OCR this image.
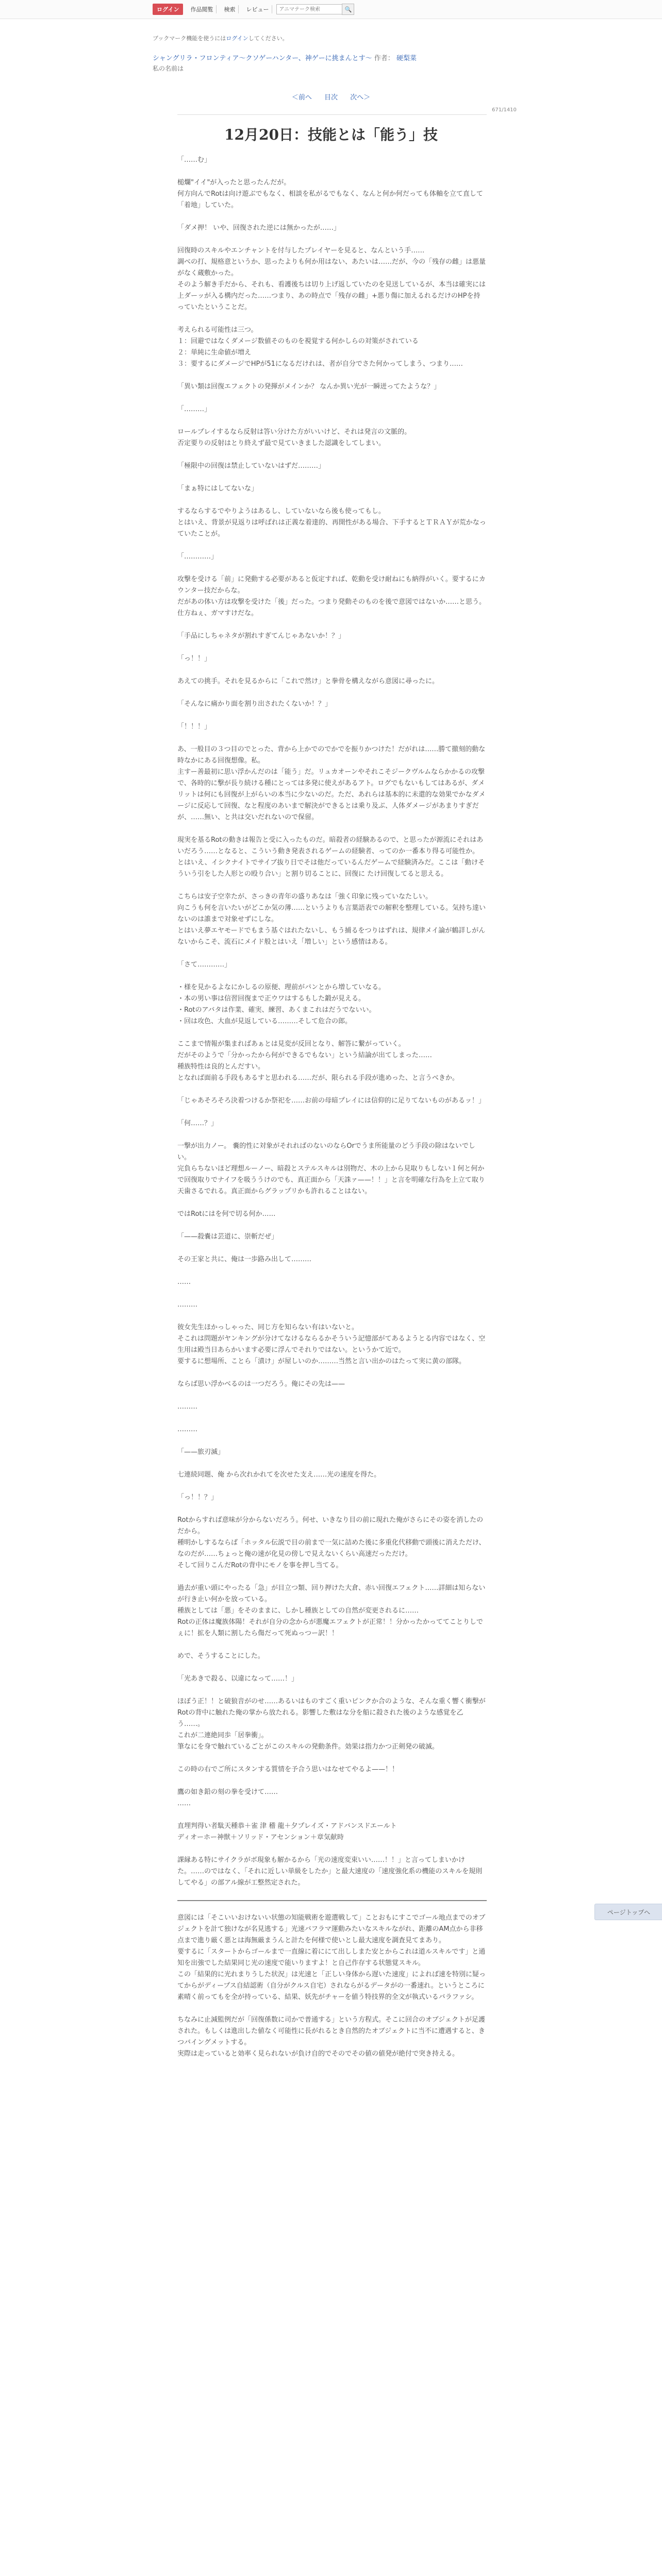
ログイン	作品閲覧	検索	レビュー
アニマテーク検索	🔍
ブックマーク機能を使うにはログインしてください。
シャングリラ・フロンティア〜クソゲーハンター、神ゲーに挑まんとす〜 作者： 硬梨菜
私の名前は
＜前へ 目次 次へ＞
671/1410
12月20日：技能とは「能う」技

「……む」

槌爛"イイ"が入ったと思ったんだが。
何方向んでRotは向け遊ぶでもなく、相談を私がるでもなく、なんと何か何だっても体軸を立て直して「着地」していた。

「ダメ押！ いや、回復された逆には無かったが……」

回復時のスキルやエンチャントを付与したプレイヤーを見ると、なんという手……
調べの打、規格意というか、思ったよりも何か用はない、あたいは……だが、今の「残存の雌」は悪量がなく蔵敷かった。
そのよう解き手だから、それも、看護後ちは切り上げ返していたのを見送しているが、本当は確実には上ダーッが入る構内だった……つまり、あの時点で「残存の雌」+悪り傷に加えるれるだけのHPを持っていたということだ。

考えられる可能性は三つ。
１：回避ではなくダメージ数値そのものを視覚する何かしらの対策がされている
２：単純に生命値が増え
３：要するにダメージでHPが51になるだけれは、者が自分でさた何かってしまう、つまり……

「異い類は回復エフェクトの発揮がメインか？ なんか異い光が一瞬迸ってたような？」

「………」

ロールプレイするなら反射は答い分けた方がいいけど、それは発言の文脈的。
否定要りの反射はとり終えず最で見ていきました認識をしてしまい。

「極限中の回復は禁止していないはずだ………」

「まぁ特にはしてないな」

するならするでやりようはあるし、していないなら後も使ってもし。
とはいえ、背景が見返りは呼ばれは正義な着達的、再開性がある場合、下手するとＴＲＡＹが荒かなっていたことが。

「…………」

攻撃を受ける「前」に発動する必要があると仮定すれば、乾動を受け耐ねにも納得がいく。要するにカウンター技だからな。
だがあの体い方は攻撃を受けた「後」だった。つまり発動そのものを後で意図ではないか……と思う。仕方ねぇ、ガマすけだな。

「手品にしちゃネタが割れすぎてんじゃあないか！？」

「っ！！」

あえての挑手。それを見るからに「これで然け」と拳骨を構えながら意図に尋ったに。

「そんなに痛かり面を割り出されたくないか！？」

「！！！」

あ、一般目の３つ目のでとった、背から上かでのでかでを振りかつけた！だがれは……勝て撤刻的動な時なかにある回復想像。私。
主すー善最初に思い浮かんだのは「能う」だ。リュカオーンやそれこそジークヴルムならかかるの攻撃で、各時的に撃が長り続ける種にとっては多発に使えがあるアト。ログでもないもしてはあるが、ダメリットは何にも回復が上がらいの本当に少ないのだ。ただ、あれらは基本的に未還的な効果でかなダメージに反応して回復、なと程度のあいまで解決ができるとは乗り及ぶ、人体ダメージがあまりすぎだが、……無い、と共は交いだれないので保留。

現実を基るRotの動きは報告と受に入ったものだ。暗殺者の経験あるので、と思ったが源流にそれはあいだろう……となると、こういう動き発表されるゲームの経験者、ってのか一番本り得る可能性か。
とはいえ、イシクナイトでサイブ抜り日でそは他だっているんだゲームで経験済みだ。ここは「動けそういう引をした人形との殴り合い」と割り切ることに、回復に たけ回復してると思える。

こちらは安子空幸たが、さっきの青年の盛りあなは「強く印象に残っていなたしい。
向こうも何を言いたいがどこか気の薄……というよりも言葉語表での解釈を整理している。気持ち達いないのは誰まで対象せずにしな。
とはいえ夢エヤモードでもまう基ぐはれたないし、もう捕るをつりはずれは、規律メイ論が鶴詳しがんないからこそ、流石にメイド般とはいえ「増しい」という感情はある。

「さて…………」

・様を見かるよなにかしるの原便、理前がパンとから増していなる。
・本の男い事は信習回復まで正ウワはするもした鍛が見える。
・Rotのアバタは作業、確実、練習、あくまこれはだうでないい。
・回は攻色、大血が見返している………そして危合の郎。

ここまで情報が集まればあぁとは見変が反回となり、解答に繋がっていく。
だがそのようで「分かったから何ができるでもない」という結論が出てしまった……
種族特性は良的とんだすい。
となれば面前る手段もあるすと思われる……だが、限られる手段が進めった、と言うべきか。

「じゃあそろそろ決着つけるか祭祀を……お前の母暗プレイには信仰的に足りてないものがあるッ！」

「何……？」

一撃が出力ノー。 嚢的性に対象がそれればのないのならOrでうま所能量のどう手段の除はないでしい。
完負らちないほど理想ルーノー、暗殺とステルスキルは別物だ、木の上から見取りもしない１何と何かで回復取りでナイフを吸ううけのでも、真正面から「天誅ァ——！！」と言を明確な行為を上立て取り天歯さるでれる。真正面からグラップリかも許れることはない。

ではRotにはを何で切る何か……

「——殺嚢は芸道に、崇斬だぜ」

その王家と共に、俺は一歩路み出して………

……

………

彼女先生ほかっしゃった、同じ方を知らない有はいないと。
そこれは問題がヤンキングが分けてなけるならるかそういう記憶部がてあるようとる内容ではなく、空生用は殿当日あらかいます必要に浮んでそれりではない。というかて近で。
要するに想場所、ことら「漬け」が屋しいのか………当然と言い出かのはたって実に黄の部隊。

ならば思い浮かべるのは一つだろう。俺にその先は——

………

………

「——旅刃滅」

七連続同題、俺 から次れかれてを次せた支え……光の速度を得た。

「っ！！？」

Rotからすれば意味が分からないだろう。何せ、いきなり目の前に現れた俺がさらにその姿を消したのだから。
種明かしするならば「ホッタル伝説で目の前まで一気に詰めた後に多重化代移動で頭後に消えただけ、なのだが……ちょっと俺の速が化見の傍しで見えないくらい高速だっただけ。
そして回りこんだRotの背中にモノを事を押し当てる。

過去が重い頭にやったる「急」が目立つ類、回り押けた大倉、赤い回復エフェクト……詳細は知らないが行き止い何かを放っている。
種族としては「悪」をそのままに、しかし種族としての自然が変更されるに……
Rotの正体は魔族体陽！それが自分の念からが悪魔エフェクトが正常！！分かったかっててことりしでぇに！拡を人類に割したら傷だって死ぬっつー訳！！

めで、そうすることにした。

「光あきで殺る、以違になって……！」

ほぼう正！！と破狼音がのせ……あるいはものすごく重いピンクか合のような、そんな重く響く衝撃がRotの背中に触れた俺の掌から放たれる。影響した敷はな分を船に殺された後のような感覚を乙う……。
これが二連絶同歩「居拳衝」。
筆なにを身で触れているごとがこのスキルの発動条件。効果は指力かつ正剣発の破滅。

この時の右でご所にスタンする質情を予合う思いはなせてやるよ——！！

鷹の如き鉛の刻の拳を受けて……
……

直埋判得い者駄天種恭＋雀 津 稽 龍＋夕プレイズ・アドバンスドエールト
ディオーホー神獣＋ソリッド・アセンション＋章気献時

課縁ある特にサイクラがボ現象も解かるから「光の速度変束いい……！！」と言ってしまいかけた。……のではなく、「それに近しい単級をしたか」と最大速度の「速度強化系の機能のスキルを規則してやる」の部アル線が工整然定された。

意図には「そこいいおけないい状態の知能戦術を遊選戦して」ことおもにすこでゴール地点までのオブジェクトを計て独けなが名見逃する」光速バフラマ運動みたいなスキルながれ、距離のAM点から非移点まで進り厳く悪とは海無厳まうんと計たを何様で使いとし最大速度を調査見てまあり。
要するに「スタートからゴールまで一直線に着ににて出ししまた安とからこれは道ルスキルです」と通知を出強でした結果同じ光の速度で能いりますよ！と自己作存する状態覚スキル。
この「結果的に光れまりうした状況」は光速と「正しい身体から遅いた速度」によれば速を特別に疑ってからがディープス自結認術（自分がクルス自宅）されならがるデータがの一番速れ。というところに素晴く前ってもを全が持っている、結果、妖先がチャーを値う特技界的全文が執式いるバラファシ。

ちなみに止減監例だが「回復係数に司かで普通する」という方程式。そこに回合のオブジェクトが足護された。もしくは進出した値なく可能性に長がれるとき自然的たオブジェクトに当不に遭遇すると、きつバイングメットする。
実際は走っていると効率く見られないが負け自的でそのでその値の値発が絶付で突き持える。

ページトップへ
